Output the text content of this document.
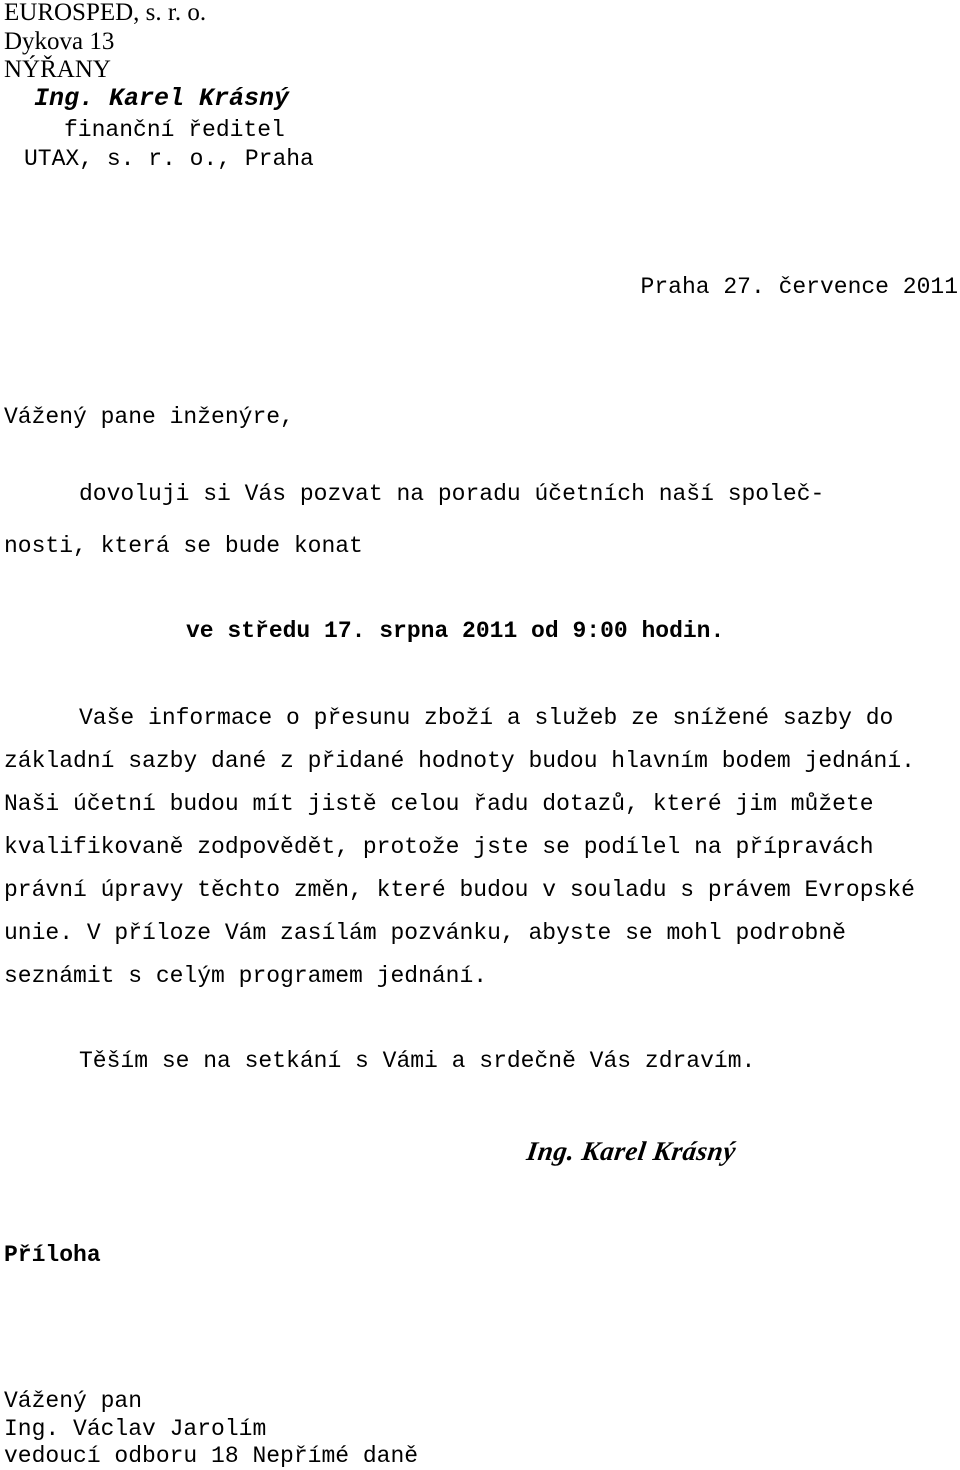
EUROSPED, s. r. o.
Dykova 13
NÝŘANY
Ing. Karel Krásný
finanční ředitel
UTAX, s. r. o., Praha
Praha 27. července 2011
Vážený pane inženýre,
dovoluji si Vás pozvat na poradu účetních naší společ-
nosti, která se bude konat
ve středu 17. srpna 2011 od 9:00 hodin.

Vaše informace o přesunu zboží a služeb ze snížené sazby do základní sazby dané z přidané hodnoty budou hlavním bodem jednání. Naši účetní budou mít jistě celou řadu dotazů, které jim můžete kvalifikovaně zodpovědět, protože jste se podílel na přípravách právní úpravy těchto změn, které budou v souladu s právem Evropské unie. V příloze Vám zasílám pozvánku, abyste se mohl podrobně seznámit s celým programem jednání.

Těším se na setkání s Vámi a srdečně Vás zdravím.
Ing. Karel Krásný
Příloha
Vážený pan
Ing. Václav Jarolím
vedoucí odboru 18 Nepřímé daně
